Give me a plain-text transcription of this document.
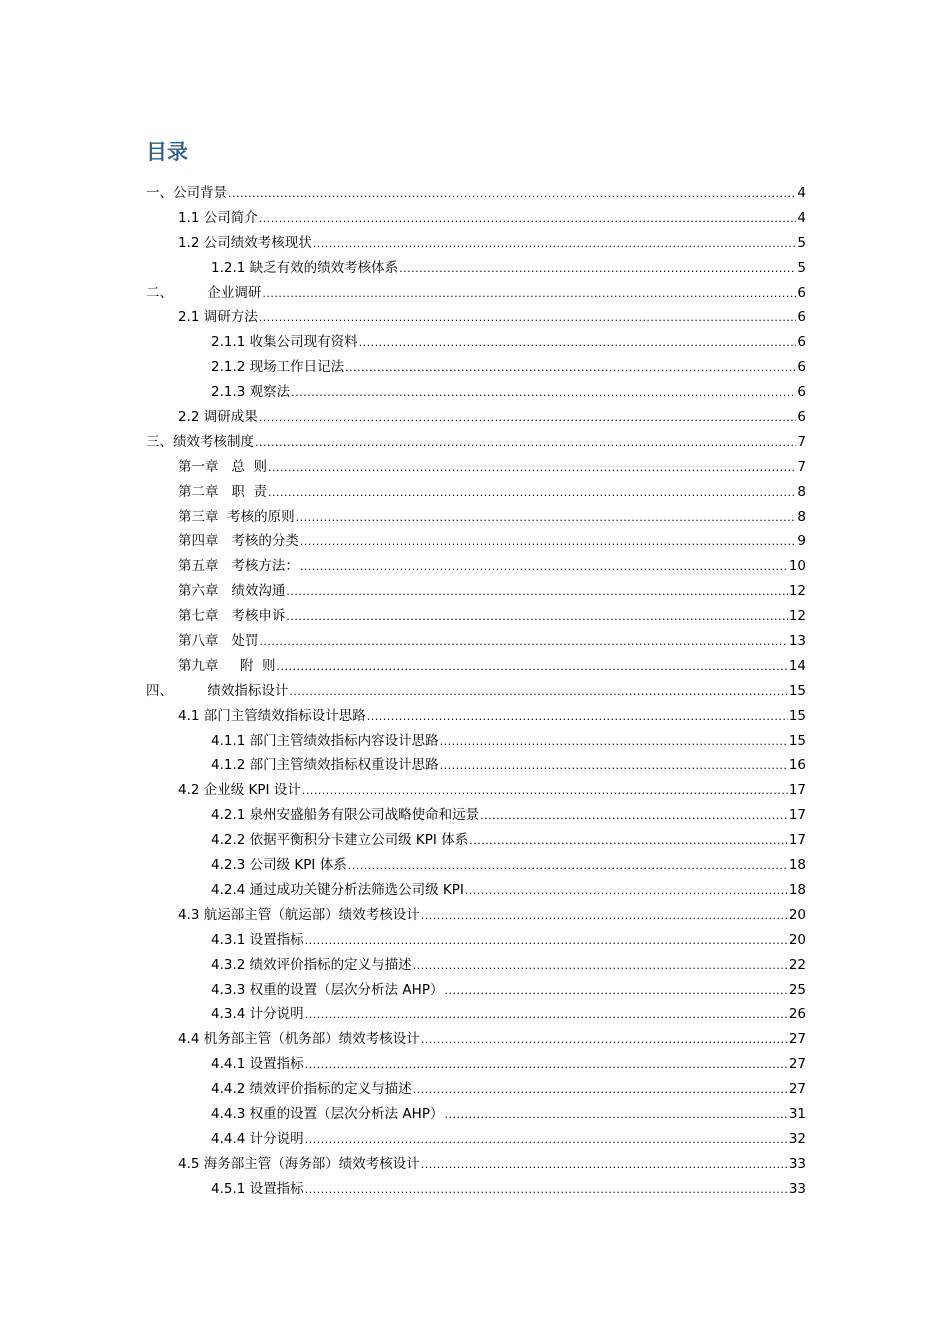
目录
一、公司背景 .....	4
1.1 公司简介 .....	4
1.2 公司绩效考核现状 .....	5
1.2.1 缺乏有效的绩效考核体系 .....	5
二、        企业调研 .....	6
2.1 调研方法 .....	6
2.1.1 收集公司现有资料 .....	6
2.1.2 现场工作日记法 .....	6
2.1.3 观察法 .....	6
2.2 调研成果 .....	6
三、绩效考核制度 .....	7
第一章   总  则 .....	7
第二章   职  责 .....	8
第三章  考核的原则 .....	8
第四章   考核的分类 .....	9
第五章   考核方法： .....	10
第六章   绩效沟通 .....	12
第七章   考核申诉 .....	12
第八章   处罚 .....	13
第九章     附  则 .....	14
四、        绩效指标设计 .....	15
4.1 部门主管绩效指标设计思路 .....	15
4.1.1 部门主管绩效指标内容设计思路 .....	15
4.1.2 部门主管绩效指标权重设计思路 .....	16
4.2 企业级 KPI 设计 .....	17
4.2.1 泉州安盛船务有限公司战略使命和远景 .....	17
4.2.2 依据平衡积分卡建立公司级 KPI 体系 .....	17
4.2.3 公司级 KPI 体系 .....	18
4.2.4 通过成功关键分析法筛选公司级 KPI .....	18
4.3 航运部主管（航运部）绩效考核设计 .....	20
4.3.1 设置指标 .....	20
4.3.2 绩效评价指标的定义与描述 .....	22
4.3.3 权重的设置（层次分析法 AHP） .....	25
4.3.4 计分说明 .....	26
4.4 机务部主管（机务部）绩效考核设计 .....	27
4.4.1 设置指标 .....	27
4.4.2 绩效评价指标的定义与描述 .....	27
4.4.3 权重的设置（层次分析法 AHP） .....	31
4.4.4 计分说明 .....	32
4.5 海务部主管（海务部）绩效考核设计 .....	33
4.5.1 设置指标 .....	33
